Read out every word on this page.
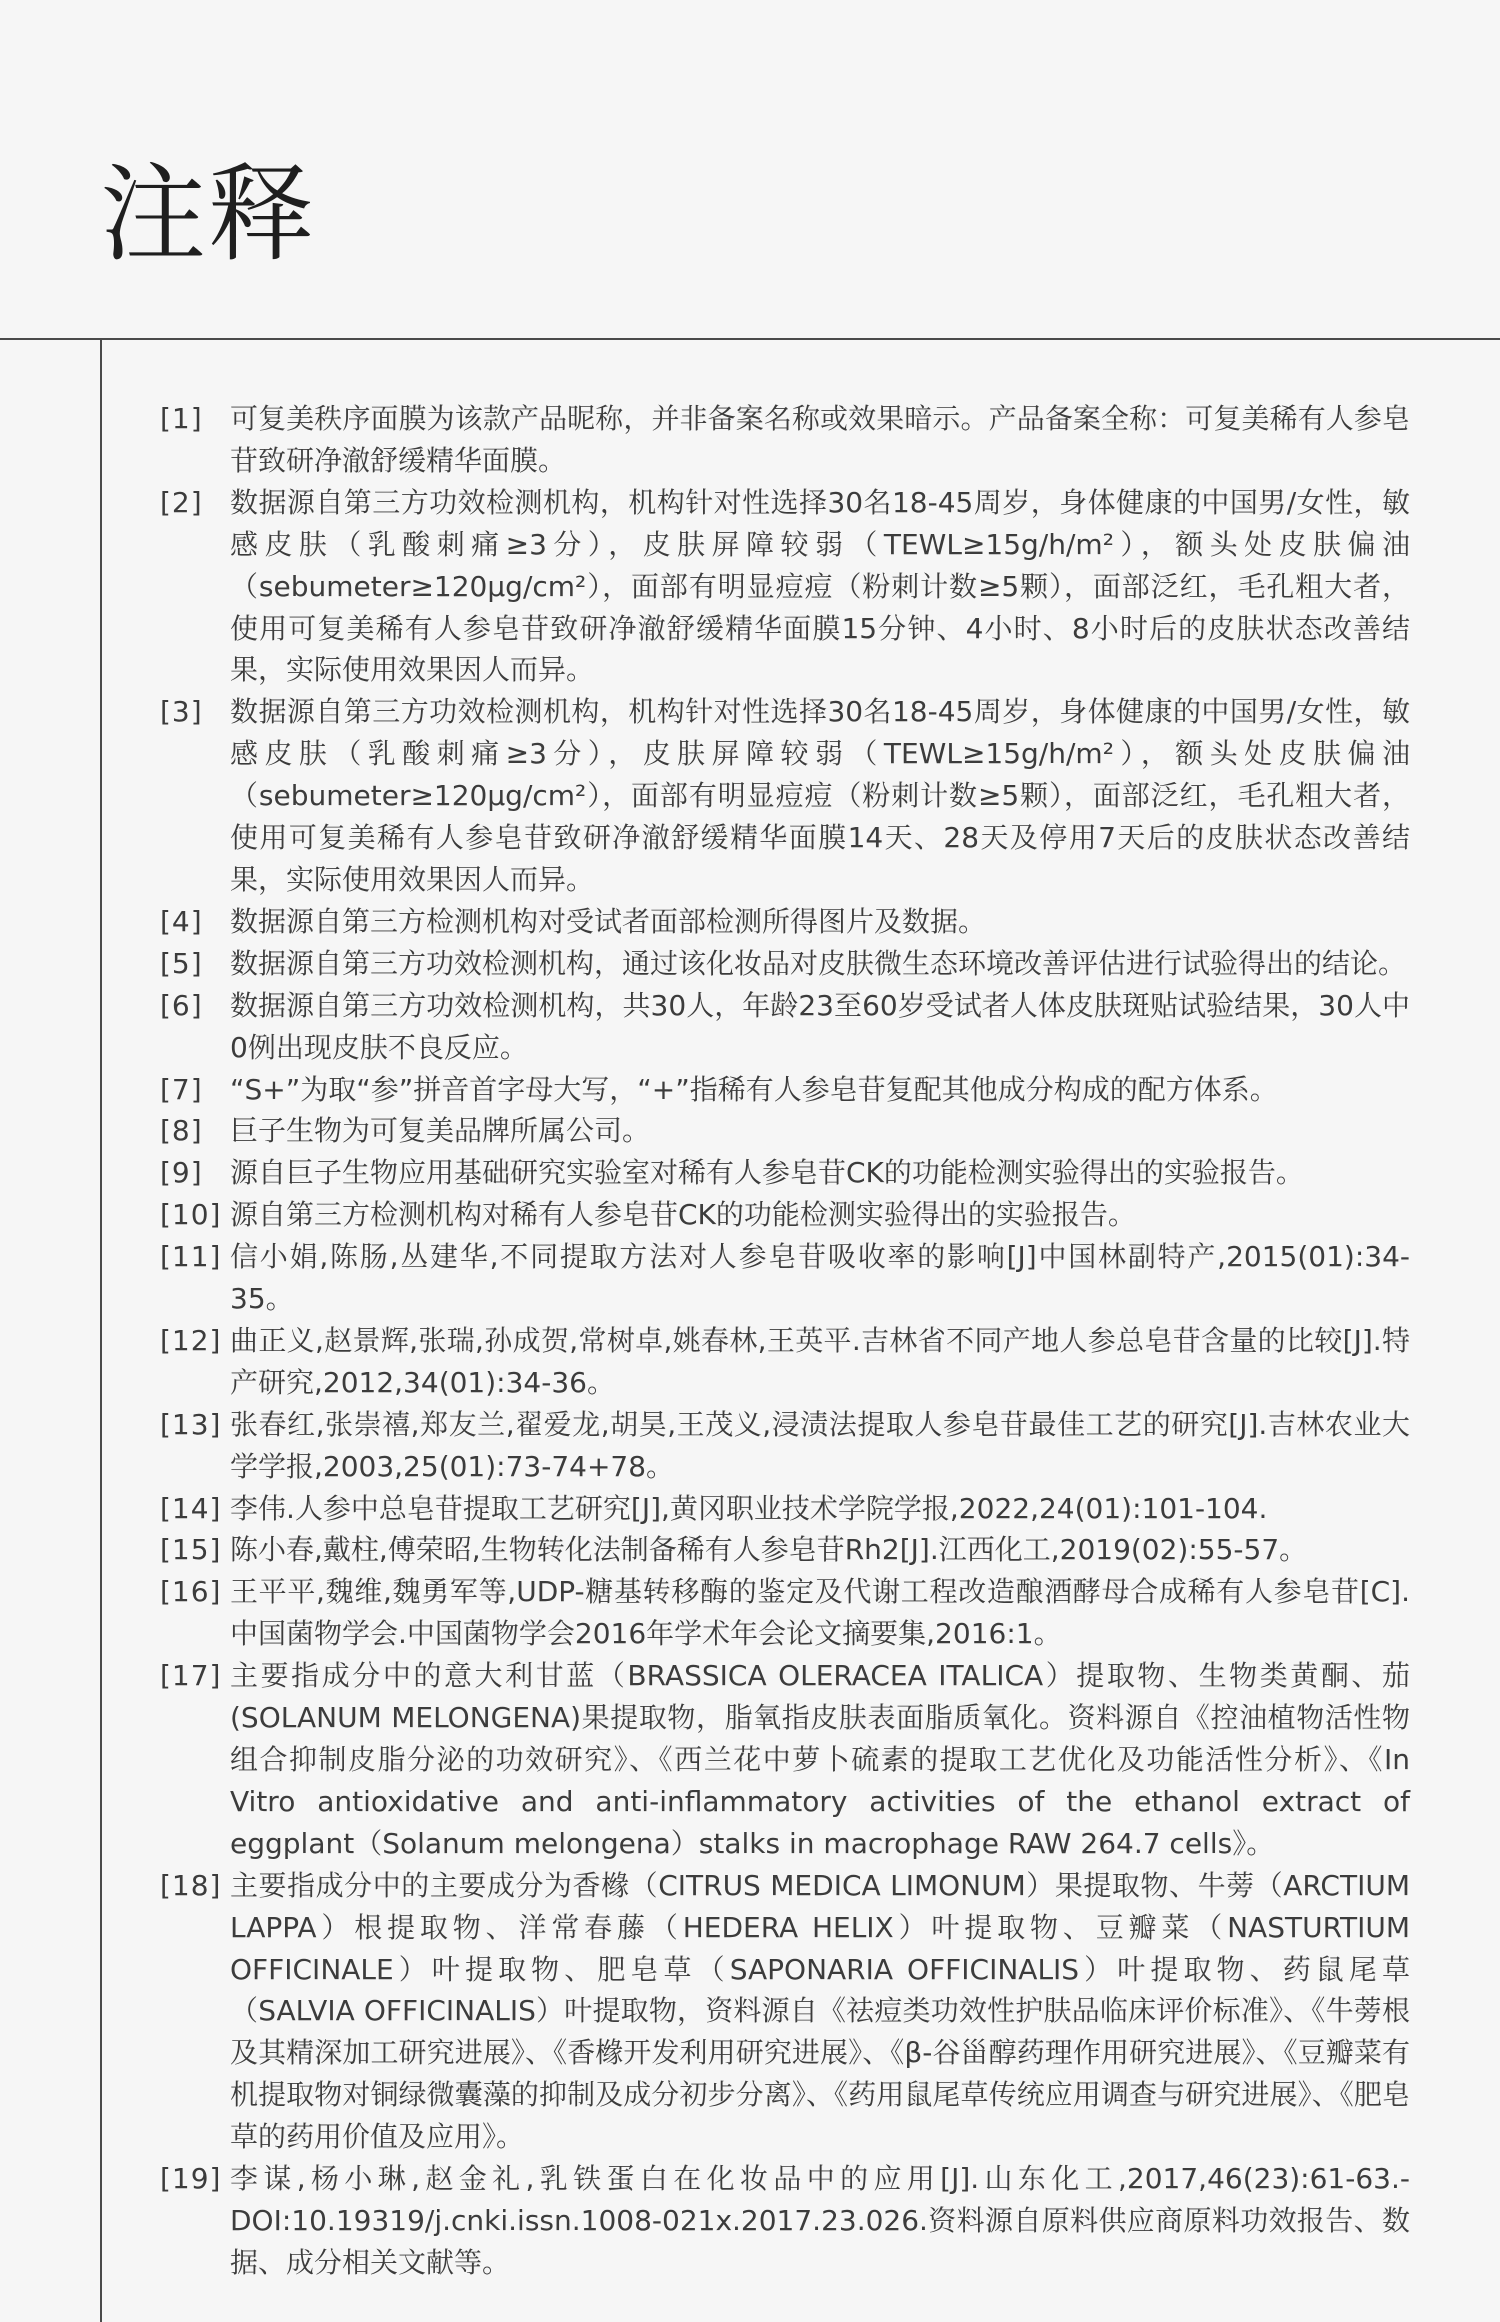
注释
[1] 可复美秩序面膜为该款产品昵称，并非备案名称或效果暗示。产品备案全称：可复美稀有人参皂苷致研净澈舒缓精华面膜。
[2] 数据源自第三方功效检测机构，机构针对性选择30名18-45周岁，身体健康的中国男/女性，敏感皮肤（乳酸刺痛≥3分），皮肤屏障较弱（TEWL≥15g/h/m²），额头处皮肤偏油（sebumeter≥120μg/cm²），面部有明显痘痘（粉刺计数≥5颗），面部泛红，毛孔粗大者，使用可复美稀有人参皂苷致研净澈舒缓精华面膜15分钟、4小时、8小时后的皮肤状态改善结果，实际使用效果因人而异。
[3] 数据源自第三方功效检测机构，机构针对性选择30名18-45周岁，身体健康的中国男/女性，敏感皮肤（乳酸刺痛≥3分），皮肤屏障较弱（TEWL≥15g/h/m²），额头处皮肤偏油（sebumeter≥120μg/cm²），面部有明显痘痘（粉刺计数≥5颗），面部泛红，毛孔粗大者，使用可复美稀有人参皂苷致研净澈舒缓精华面膜14天、28天及停用7天后的皮肤状态改善结果，实际使用效果因人而异。
[4] 数据源自第三方检测机构对受试者面部检测所得图片及数据。
[5] 数据源自第三方功效检测机构，通过该化妆品对皮肤微生态环境改善评估进行试验得出的结论。
[6] 数据源自第三方功效检测机构，共30人，年龄23至60岁受试者人体皮肤斑贴试验结果，30人中0例出现皮肤不良反应。
[7] “S+”为取“参”拼音首字母大写，“+”指稀有人参皂苷复配其他成分构成的配方体系。
[8] 巨子生物为可复美品牌所属公司。
[9] 源自巨子生物应用基础研究实验室对稀有人参皂苷CK的功能检测实验得出的实验报告。
[10] 源自第三方检测机构对稀有人参皂苷CK的功能检测实验得出的实验报告。
[11] 信小娟,陈肠,丛建华,不同提取方法对人参皂苷吸收率的影响[J]中国林副特产,2015(01):34-35。
[12] 曲正义,赵景辉,张瑞,孙成贺,常树卓,姚春林,王英平.吉林省不同产地人参总皂苷含量的比较[J].特产研究,2012,34(01):34-36。
[13] 张春红,张崇禧,郑友兰,翟爱龙,胡昊,王茂义,浸渍法提取人参皂苷最佳工艺的研究[J].吉林农业大学学报,2003,25(01):73-74+78。
[14] 李伟.人参中总皂苷提取工艺研究[J],黄冈职业技术学院学报,2022,24(01):101-104.
[15] 陈小春,戴柱,傅荣昭,生物转化法制备稀有人参皂苷Rh2[J].江西化工,2019(02):55-57。
[16] 王平平,魏维,魏勇军等,UDP-糖基转移酶的鉴定及代谢工程改造酿酒酵母合成稀有人参皂苷[C].中国菌物学会.中国菌物学会2016年学术年会论文摘要集,2016:1。
[17] 主要指成分中的意大利甘蓝（BRASSICA OLERACEA ITALICA）提取物、生物类黄酮、茄(SOLANUM MELONGENA)果提取物，脂氧指皮肤表面脂质氧化。资料源自《控油植物活性物组合抑制皮脂分泌的功效研究》、《西兰花中萝卜硫素的提取工艺优化及功能活性分析》、《In Vitro antioxidative and anti-inflammatory activities of the ethanol extract of eggplant（Solanum melongena）stalks in macrophage RAW 264.7 cells》。
[18] 主要指成分中的主要成分为香橼（CITRUS MEDICA LIMONUM）果提取物、牛蒡（ARCTIUM LAPPA）根提取物、洋常春藤（HEDERA HELIX）叶提取物、豆瓣菜（NASTURTIUM OFFICINALE）叶提取物、肥皂草（SAPONARIA OFFICINALIS）叶提取物、药鼠尾草（SALVIA OFFICINALIS）叶提取物，资料源自《祛痘类功效性护肤品临床评价标准》、《牛蒡根及其精深加工研究进展》、《香橼开发利用研究进展》、《β-谷甾醇药理作用研究进展》、《豆瓣菜有机提取物对铜绿微囊藻的抑制及成分初步分离》、《药用鼠尾草传统应用调查与研究进展》、《肥皂草的药用价值及应用》。
[19] 李谋,杨小琳,赵金礼,乳铁蛋白在化妆品中的应用[J].山东化工,2017,46(23):61-63.-DOI:10.19319/j.cnki.issn.1008-021x.2017.23.026.资料源自原料供应商原料功效报告、数据、成分相关文献等。
